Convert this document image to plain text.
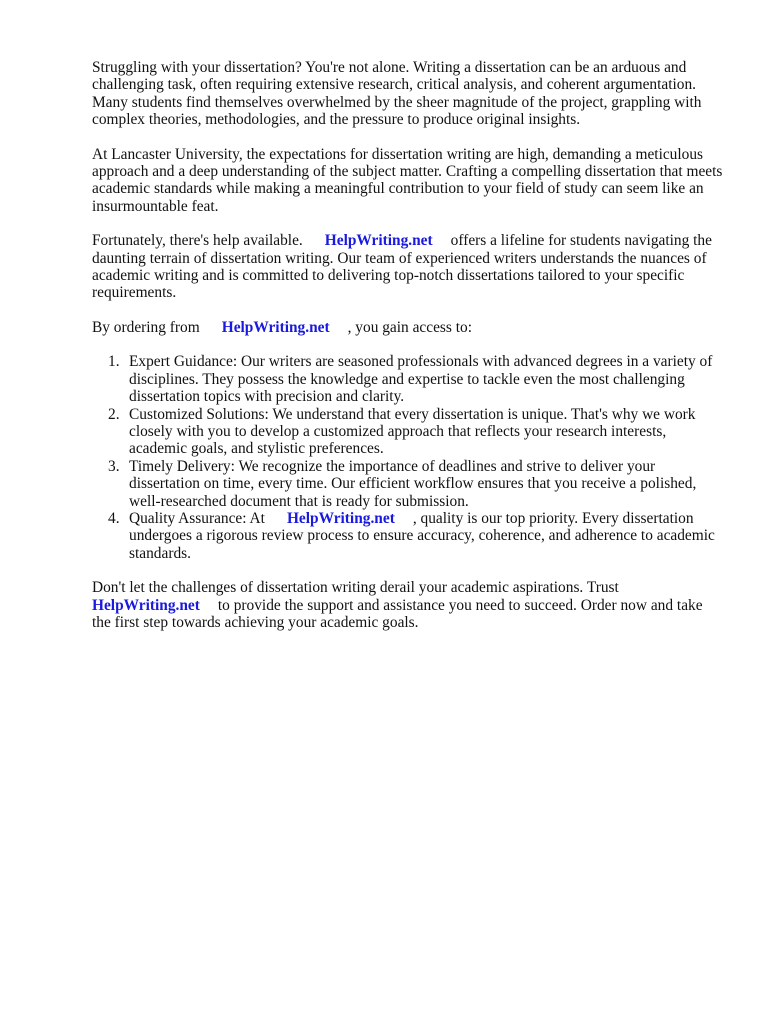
Struggling with your dissertation? You're not alone. Writing a dissertation can be an arduous and challenging task, often requiring extensive research, critical analysis, and coherent argumentation. Many students find themselves overwhelmed by the sheer magnitude of the project, grappling with complex theories, methodologies, and the pressure to produce original insights.

At Lancaster University, the expectations for dissertation writing are high, demanding a meticulous approach and a deep understanding of the subject matter. Crafting a compelling dissertation that meets academic standards while making a meaningful contribution to your field of study can seem like an insurmountable feat.

Fortunately, there's help available. HelpWriting.net offers a lifeline for students navigating the daunting terrain of dissertation writing. Our team of experienced writers understands the nuances of academic writing and is committed to delivering top-notch dissertations tailored to your specific requirements.

By ordering from HelpWriting.net , you gain access to:

1. Expert Guidance: Our writers are seasoned professionals with advanced degrees in a variety of disciplines. They possess the knowledge and expertise to tackle even the most challenging dissertation topics with precision and clarity.
2. Customized Solutions: We understand that every dissertation is unique. That's why we work closely with you to develop a customized approach that reflects your research interests, academic goals, and stylistic preferences.
3. Timely Delivery: We recognize the importance of deadlines and strive to deliver your dissertation on time, every time. Our efficient workflow ensures that you receive a polished, well-researched document that is ready for submission.
4. Quality Assurance: At HelpWriting.net , quality is our top priority. Every dissertation undergoes a rigorous review process to ensure accuracy, coherence, and adherence to academic standards.

Don't let the challenges of dissertation writing derail your academic aspirations. Trust HelpWriting.net to provide the support and assistance you need to succeed. Order now and take the first step towards achieving your academic goals.
